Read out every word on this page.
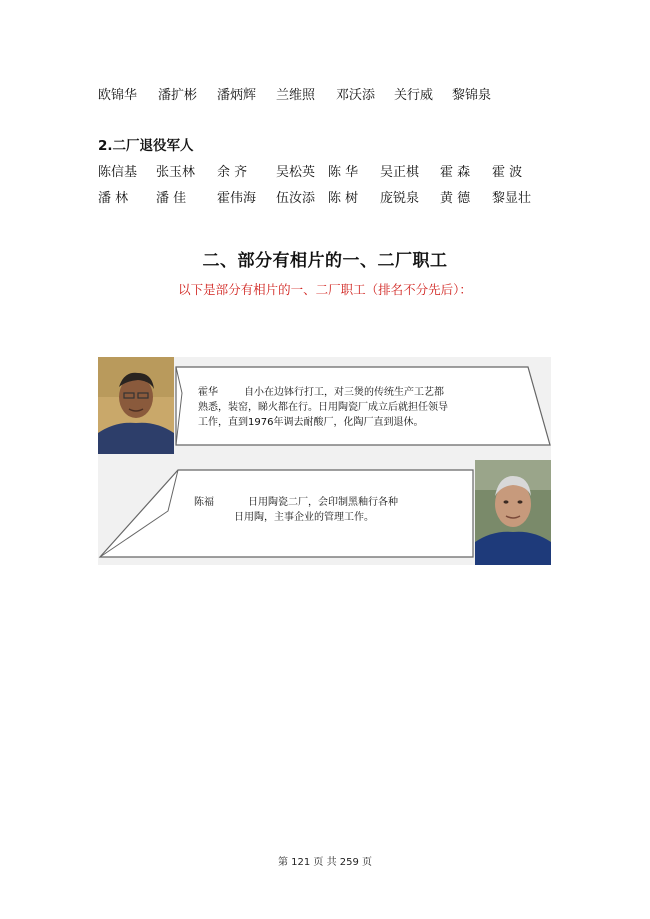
欧锦华 潘扩彬 潘炳辉 兰维照 邓沃添 关行威 黎锦泉
2.二厂退役军人
陈信基 张玉林 余 齐 吴松英 陈 华 吴正棋 霍 森 霍 波
潘 林 潘 佳 霍伟海 伍汝添 陈 树 庞锐泉 黄 德 黎显壮
二、部分有相片的一、二厂职工
以下是部分有相片的一、二厂职工（排名不分先后）：
霍华	自小在边钵行打工，对三煲的传统生产工艺都
熟悉，装窑，睇火都在行。日用陶瓷厂成立后就担任领导
工作，直到1976年调去耐酸厂，化陶厂直到退休。
陈福	日用陶瓷二厂，会印制黑釉行各种
日用陶，主事企业的管理工作。
第 121 页 共 259 页
